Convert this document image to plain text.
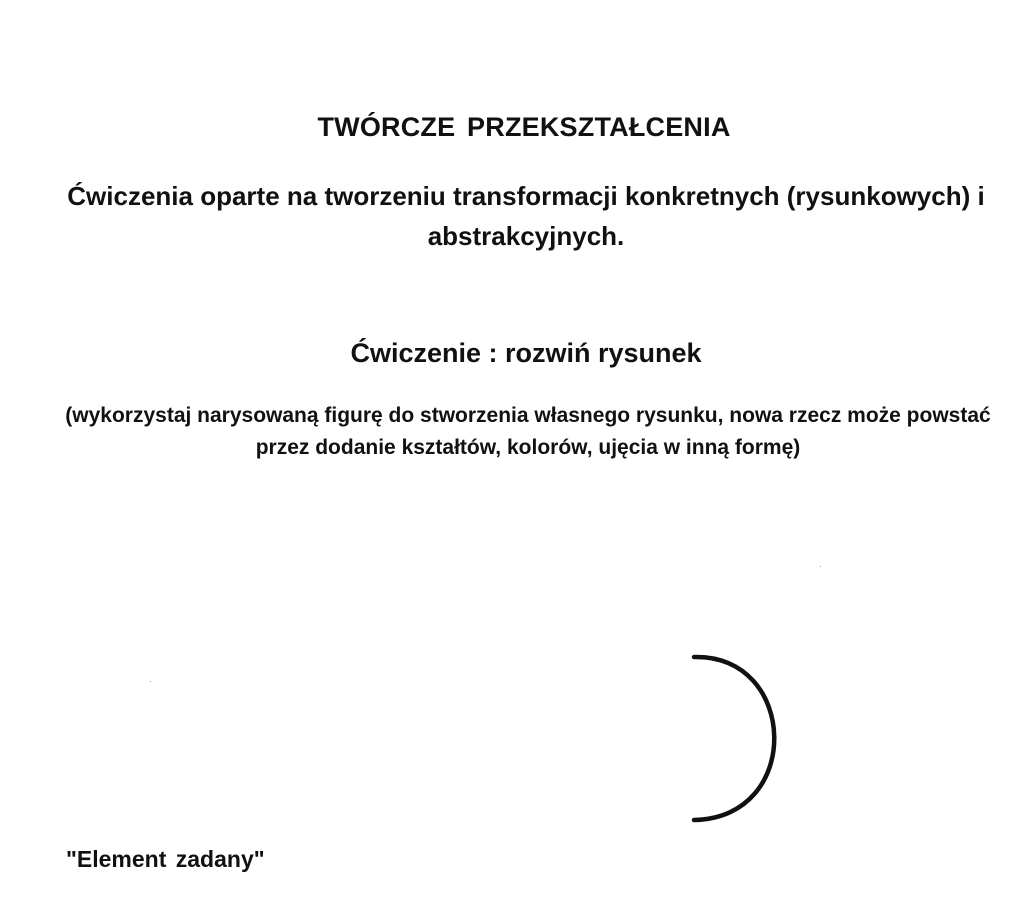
TWÓRCZE PRZEKSZTAŁCENIA
Ćwiczenia oparte na tworzeniu transformacji konkretnych (rysunkowych) i abstrakcyjnych.
Ćwiczenie : rozwiń rysunek
(wykorzystaj narysowaną figurę do stworzenia własnego rysunku, nowa rzecz może powstać przez dodanie kształtów, kolorów, ujęcia w inną formę)
"Element zadany"
